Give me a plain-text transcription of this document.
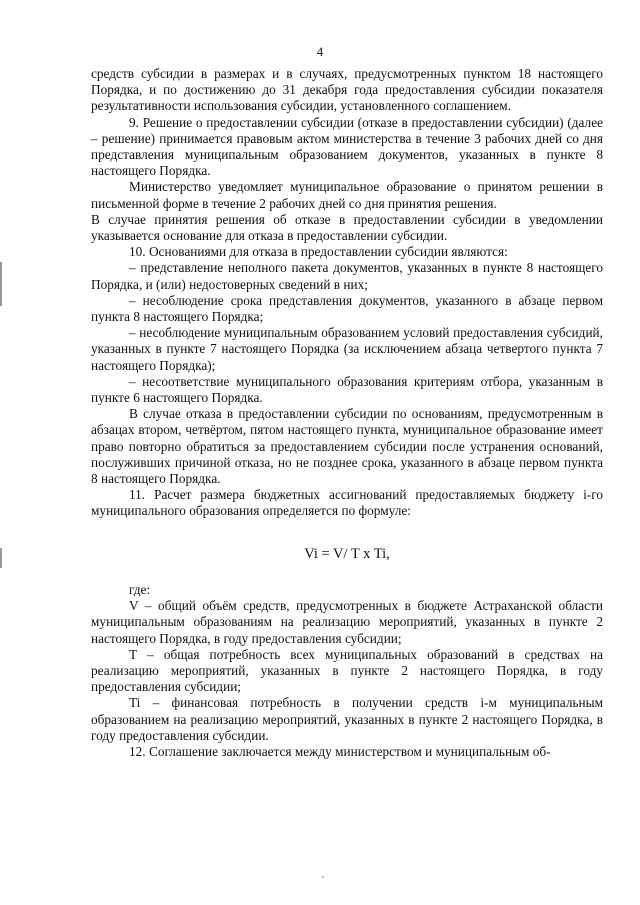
4

средств субсидии в размерах и в случаях, предусмотренных пунктом 18 настоящего Порядка, и по достижению до 31 декабря года предоставления субсидии показателя результативности использования субсидии, установленного соглашением.

9. Решение о предоставлении субсидии (отказе в предоставлении субсидии) (далее – решение) принимается правовым актом министерства в течение 3 рабочих дней со дня представления муниципальным образованием документов, указанных в пункте 8 настоящего Порядка.

Министерство уведомляет муниципальное образование о принятом решении в письменной форме в течение 2 рабочих дней со дня принятия решения.

В случае принятия решения об отказе в предоставлении субсидии в уведомлении указывается основание для отказа в предоставлении субсидии.

10. Основаниями для отказа в предоставлении субсидии являются:

– представление неполного пакета документов, указанных в пункте 8 настоящего Порядка, и (или) недостоверных сведений в них;

– несоблюдение срока представления документов, указанного в абзаце первом пункта 8 настоящего Порядка;

– несоблюдение муниципальным образованием условий предоставления субсидий, указанных в пункте 7 настоящего Порядка (за исключением абзаца четвертого пункта 7 настоящего Порядка);

– несоответствие муниципального образования критериям отбора, указанным в пункте 6 настоящего Порядка.

В случае отказа в предоставлении субсидии по основаниям, предусмотренным в абзацах втором, четвёртом, пятом настоящего пункта, муниципальное образование имеет право повторно обратиться за предоставлением субсидии после устранения оснований, послуживших причиной отказа, но не позднее срока, указанного в абзаце первом пункта 8 настоящего Порядка.

11. Расчет размера бюджетных ассигнований предоставляемых бюджету i-го муниципального образования определяется по формуле:

Vi = V/ T x Ti,

где:

V – общий объём средств, предусмотренных в бюджете Астраханской области муниципальным образованиям на реализацию мероприятий, указанных в пункте 2 настоящего Порядка, в году предоставления субсидии;

Т – общая потребность всех муниципальных образований в средствах на реализацию мероприятий, указанных в пункте 2 настоящего Порядка, в году предоставления субсидии;

Ti – финансовая потребность в получении средств i-м муниципальным образованием на реализацию мероприятий, указанных в пункте 2 настоящего Порядка, в году предоставления субсидии.

12. Соглашение заключается между министерством и муниципальным об-
